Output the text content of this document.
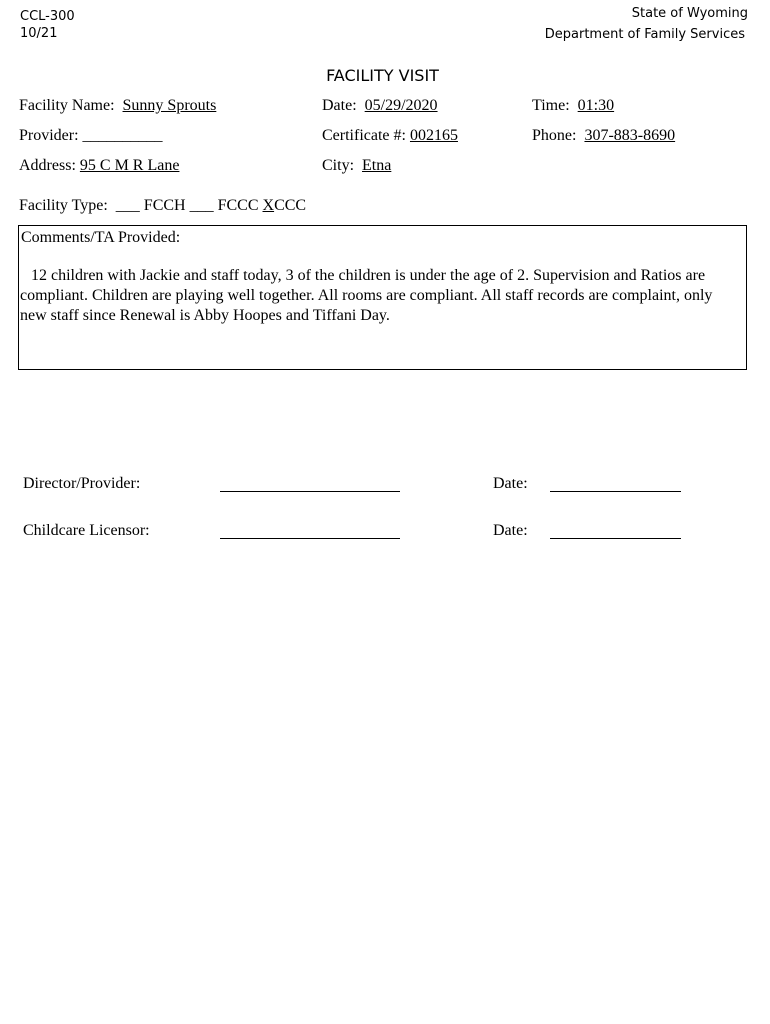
CCL-300
10/21
State of Wyoming
Department of Family Services
FACILITY VISIT
Facility Name: Sunny Sprouts	Date: 05/29/2020	Time: 01:30
Provider: __________	Certificate #: 002165	Phone: 307-883-8690
Address: 95 C M R Lane	City: Etna
Facility Type: ___ FCCH ___ FCCC XCCC
Comments/TA Provided:
12 children with Jackie and staff today, 3 of the children is under the age of 2. Supervision and Ratios are compliant. Children are playing well together. All rooms are compliant. All staff records are complaint, only new staff since Renewal is Abby Hoopes and Tiffani Day.
Director/Provider:	Date:
Childcare Licensor:	Date:
